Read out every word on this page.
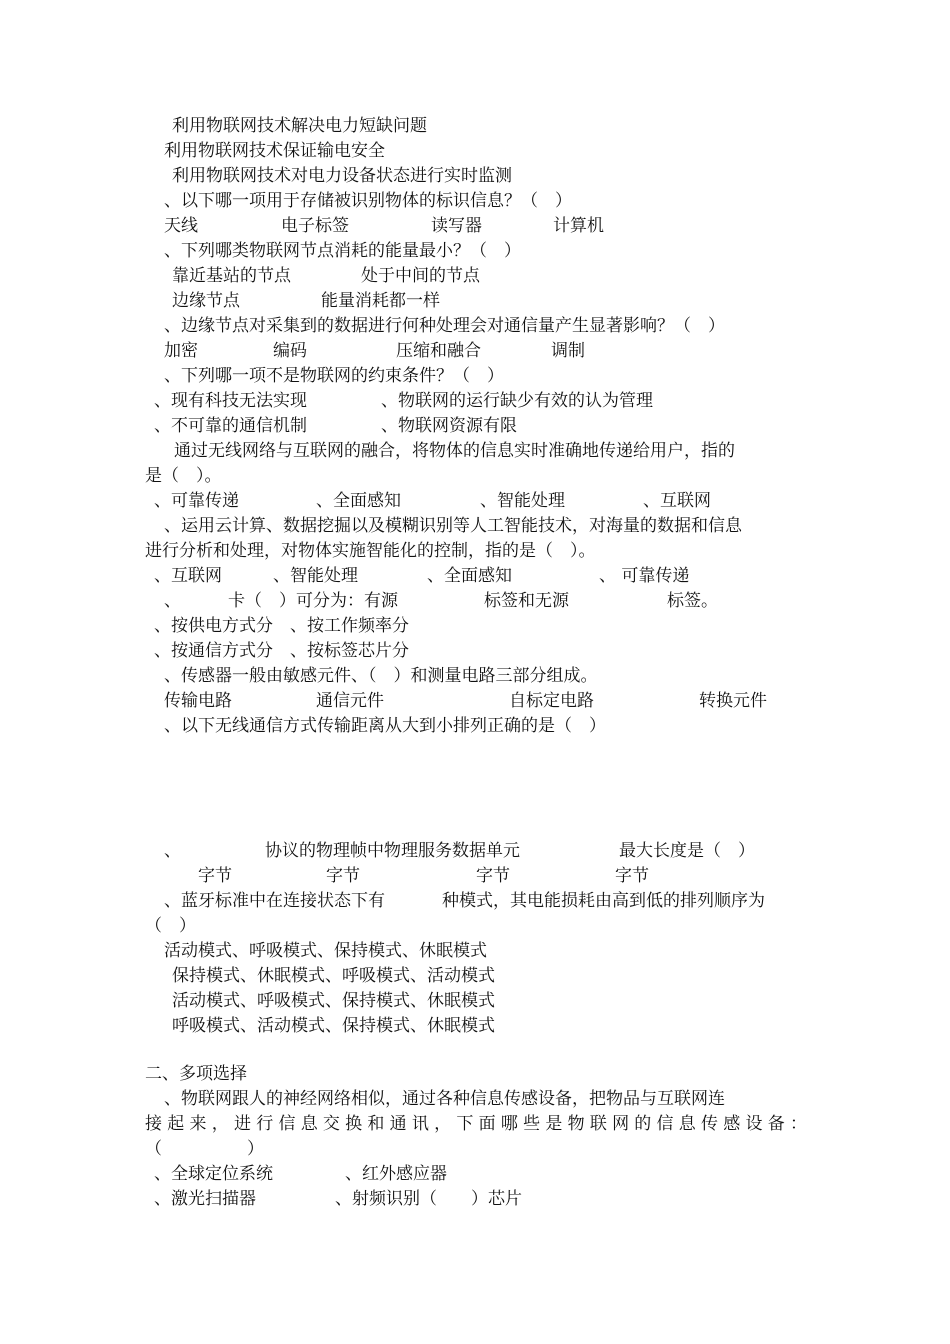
利用物联网技术解决电力短缺问题
利用物联网技术保证输电安全
利用物联网技术对电力设备状态进行实时监测
、以下哪一项用于存储被识别物体的标识信息？（　）
天线	电子标签	读写器	计算机
、下列哪类物联网节点消耗的能量最小？（　）
靠近基站的节点	处于中间的节点
边缘节点	能量消耗都一样
、边缘节点对采集到的数据进行何种处理会对通信量产生显著影响？（　）
加密	编码	压缩和融合	调制
、下列哪一项不是物联网的约束条件？（　）
、现有科技无法实现	、物联网的运行缺少有效的认为管理
、不可靠的通信机制	、物联网资源有限
通过无线网络与互联网的融合，将物体的信息实时准确地传递给用户，指的
是（　）。
、可靠传递	、全面感知	、智能处理	、互联网
、运用云计算、数据挖掘以及模糊识别等人工智能技术，对海量的数据和信息
进行分析和处理，对物体实施智能化的控制，指的是（　）。
、互联网	、智能处理	、全面感知	、 可靠传递
、	卡（　）可分为：有源	标签和无源	标签。
、按供电方式分　、按工作频率分
、按通信方式分　、按标签芯片分
、传感器一般由敏感元件、（　）和测量电路三部分组成。
传输电路	通信元件	自标定电路	转换元件
、以下无线通信方式传输距离从大到小排列正确的是（　）
、	协议的物理帧中物理服务数据单元	最大长度是（　）
字节	字节	字节	字节
、蓝牙标准中在连接状态下有	种模式，其电能损耗由高到低的排列顺序为
（　）
活动模式、呼吸模式、保持模式、休眠模式
保持模式、休眠模式、呼吸模式、活动模式
活动模式、呼吸模式、保持模式、休眠模式
呼吸模式、活动模式、保持模式、休眠模式
二、多项选择
、物联网跟人的神经网络相似，通过各种信息传感设备，把物品与互联网连
接起来，进行信息交换和通讯，下面哪些是物联网的信息传感设备：
（　　　　　）
、全球定位系统	、红外感应器
、激光扫描器	、射频识别（　　）芯片
